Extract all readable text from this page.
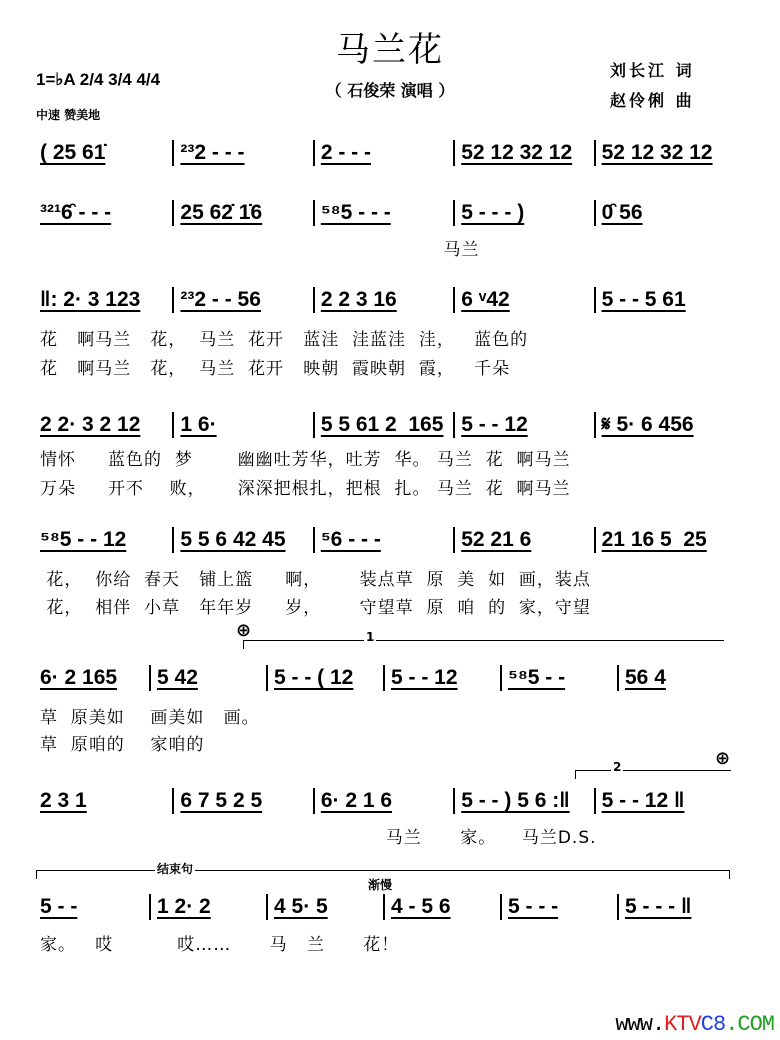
马兰花
（ 石俊荣 演唱 ）
刘长江 词
赵伶俐 曲
1=♭A 2/4 3/4 4/4
中速 赞美地
⊕	1
⊕
2
结束句
渐慢
( 25 61̇	²³2 - - -	2 - - -	52 12 32 12	52 12 32 12
³²¹6̑ - - -	25 62̇ 1̇6	⁵⁸5 - - -	5 - - - )	0̑ 56
马兰
‖: 2· 3 123	²³2 - - 56	2 2 3 16	6 ᵛ42	5 - - 5 61
花   啊马兰   花，  马兰  花开   蓝洼  洼蓝洼  洼，   蓝色的
花   啊马兰   花，  马兰  花开   映朝  霞映朝  霞，   千朵
2 2· 3 2 12	1 6·	5 5 61 2  165 5 - - 12	𝄋 5· 6 456
情怀     蓝色的  梦       幽幽吐芳华，吐芳  华。 马兰  花  啊马兰
万朵     开不    败，     深深把根扎，把根  扎。 马兰  花  啊马兰
⁵⁸5 - - 12	5 5 6 42 45	⁵6 - - -	52 21 6	21 16 5  25
花，  你给  春天   铺上篮     啊，      装点草  原  美  如  画，装点
花，  相伴  小草   年年岁     岁，      守望草  原  咱  的  家，守望
6· 2 165	5 42	5 - - ( 12	5 - - 12	⁵⁸5 - -	56 4
草  原美如    画美如   画。
草  原咱的    家咱的
2 3 1	6 7 5 2 5	6· 2 1 6	5 - - ) 5 6 :‖	5 - - 12 ‖
马兰      家。    马兰D.S.
5 - -	1 2· 2	4 5· 5	4 - 5 6	5 - - -	5 - - - ‖
家。   哎          哎……      马   兰      花！
www.KTVC8.COM
